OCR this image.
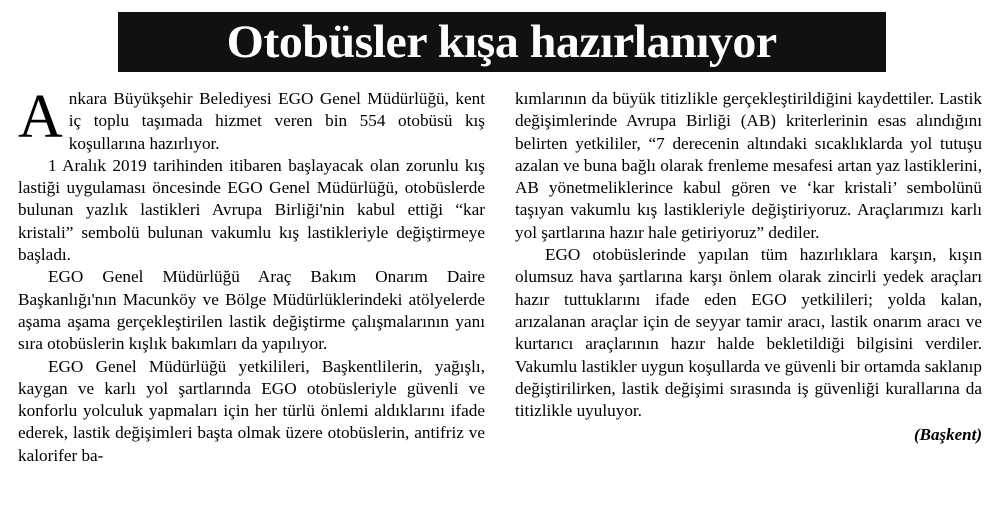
Otobüsler kışa hazırlanıyor

Ankara Büyükşehir Belediyesi EGO Genel Müdürlüğü, kent iç toplu taşımada hizmet veren bin 554 otobüsü kış koşullarına hazırlıyor.

1 Aralık 2019 tarihinden itibaren başlayacak olan zorunlu kış lastiği uygulaması öncesinde EGO Genel Müdürlüğü, otobüslerde bulunan yazlık lastikleri Avrupa Birliği'nin kabul ettiği “kar kristali” sembolü bulunan vakumlu kış lastikleriyle değiştirmeye başladı.

EGO Genel Müdürlüğü Araç Bakım Onarım Daire Başkanlığı'nın Macunköy ve Bölge Müdürlüklerindeki atölyelerde aşama aşama gerçekleştirilen lastik değiştirme çalışmalarının yanı sıra otobüslerin kışlık bakımları da yapılıyor.

EGO Genel Müdürlüğü yetkilileri, Başkentlilerin, yağışlı, kaygan ve karlı yol şartlarında EGO otobüsleriyle güvenli ve konforlu yolculuk yapmaları için her türlü önlemi aldıklarını ifade ederek, lastik değişimleri başta olmak üzere otobüslerin, antifriz ve kalorifer ba-

kımlarının da büyük titizlikle gerçekleştirildiğini kaydettiler. Lastik değişimlerinde Avrupa Birliği (AB) kriterlerinin esas alındığını belirten yetkililer, “7 derecenin altındaki sıcaklıklarda yol tutuşu azalan ve buna bağlı olarak frenleme mesafesi artan yaz lastiklerini, AB yönetmeliklerince kabul gören ve ‘kar kristali’ sembolünü taşıyan vakumlu kış lastikleriyle değiştiriyoruz. Araçlarımızı karlı yol şartlarına hazır hale getiriyoruz” dediler.

EGO otobüslerinde yapılan tüm hazırlıklara karşın, kışın olumsuz hava şartlarına karşı önlem olarak zincirli yedek araçları hazır tuttuklarını ifade eden EGO yetkilileri; yolda kalan, arızalanan araçlar için de seyyar tamir aracı, lastik onarım aracı ve kurtarıcı araçlarının hazır halde bekletildiği bilgisini verdiler. Vakumlu lastikler uygun koşullarda ve güvenli bir ortamda saklanıp değiştirilirken, lastik değişimi sırasında iş güvenliği kurallarına da titizlikle uyuluyor.

(Başkent)
